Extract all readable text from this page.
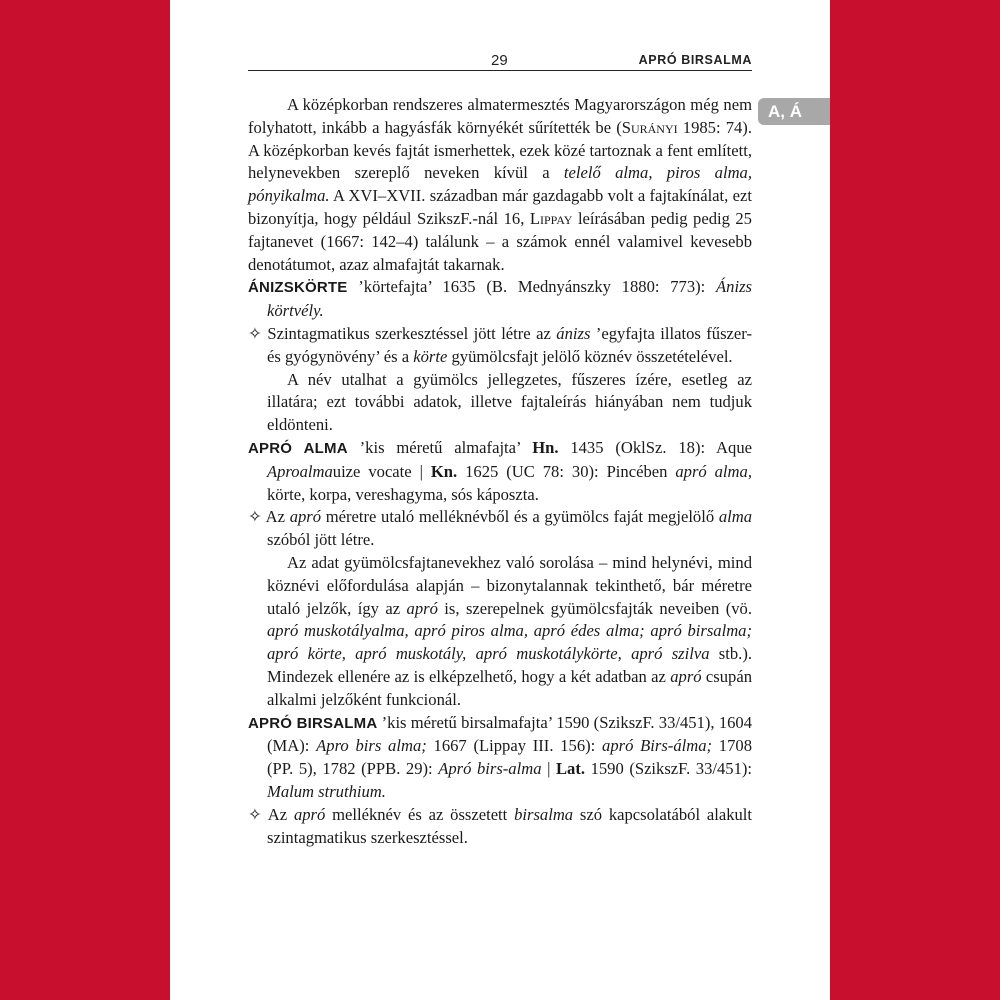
A, Á
29	APRÓ BIRSALMA

A középkorban rendszeres almatermesztés Magyarországon még nem folyhatott, inkább a hagyásfák környékét sűrítették be (Surányi 1985: 74). A középkorban kevés fajtát ismerhettek, ezek közé tartoznak a fent említett, helynevekben szereplő neveken kívül a telelő alma, piros alma, pónyikalma. A XVI–XVII. században már gazdagabb volt a fajtakínálat, ezt bizonyítja, hogy például SzikszF.-nál 16, Lippay leírásában pedig pedig 25 fajtanevet (1667: 142–4) találunk – a számok ennél valamivel kevesebb denotátumot, azaz almafajtát takarnak.

ÁNIZSKÖRTE ’körtefajta’ 1635 (B. Mednyánszky 1880: 773): Ánizs körtvély.

✧ Szintagmatikus szerkesztéssel jött létre az ánizs ’egyfajta illatos fűszer- és gyógynövény’ és a körte gyümölcsfajt jelölő köznév összetételével.

A név utalhat a gyümölcs jellegzetes, fűszeres ízére, esetleg az illatára; ezt további adatok, illetve fajtaleírás hiányában nem tudjuk eldönteni.

APRÓ ALMA ’kis méretű almafajta’ Hn. 1435 (OklSz. 18): Aque Aproalmauize vocate | Kn. 1625 (UC 78: 30): Pincében apró alma, körte, korpa, vereshagyma, sós káposzta.

✧ Az apró méretre utaló melléknévből és a gyümölcs faját megjelölő alma szóból jött létre.

Az adat gyümölcsfajtanevekhez való sorolása – mind helynévi, mind köznévi előfordulása alapján – bizonytalannak tekinthető, bár méretre utaló jelzők, így az apró is, szerepelnek gyümölcsfajták neveiben (vö. apró muskotályalma, apró piros alma, apró édes alma; apró birsalma; apró körte, apró muskotály, apró muskotálykörte, apró szilva stb.). Mindezek ellenére az is elképzelhető, hogy a két adatban az apró csupán alkalmi jelzőként funkcionál.

APRÓ BIRSALMA ’kis méretű birsalmafajta’ 1590 (SzikszF. 33/451), 1604 (MA): Apro birs alma; 1667 (Lippay III. 156): apró Birs-álma; 1708 (PP. 5), 1782 (PPB. 29): Apró birs-alma | Lat. 1590 (SzikszF. 33/451): Malum struthium.

✧ Az apró melléknév és az összetett birsalma szó kapcsolatából alakult szintagmatikus szerkesztéssel.
